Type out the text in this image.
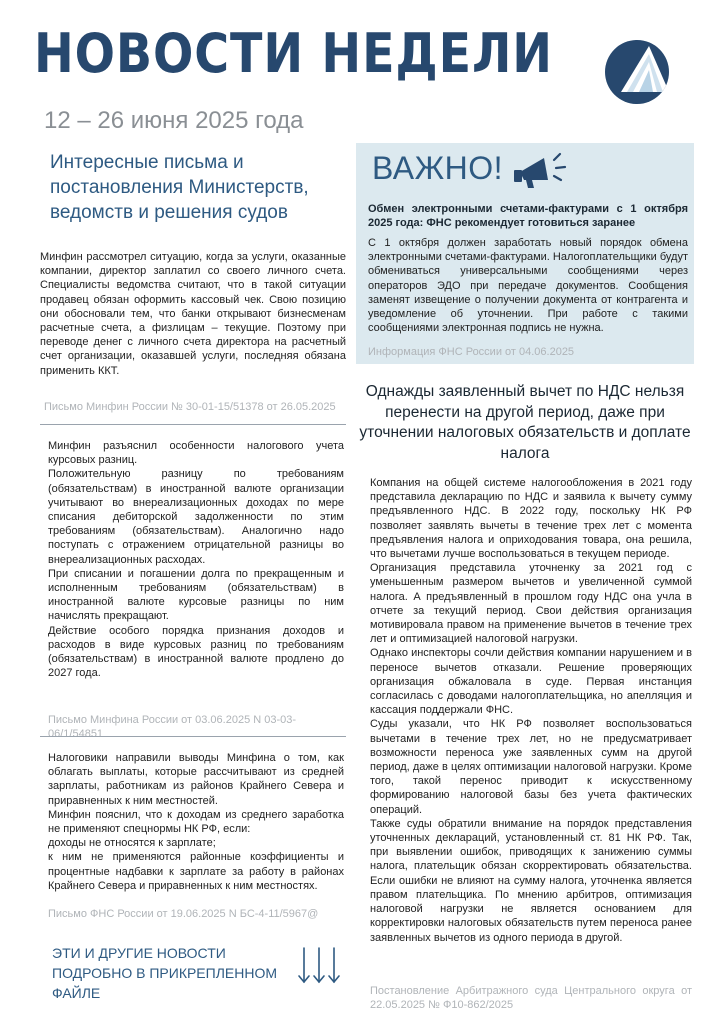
НОВОСТИ НЕДЕЛИ
12 – 26 июня 2025 года
Интересные письма и постановления Министерств, ведомств и решения судов
Минфин рассмотрел ситуацию, когда за услуги, оказанные компании, директор заплатил со своего личного счета. Специалисты ведомства считают, что в такой ситуации продавец обязан оформить кассовый чек. Свою позицию они обосновали тем, что банки открывают бизнесменам расчетные счета, а физлицам – текущие. Поэтому при переводе денег с личного счета директора на расчетный счет организации, оказавшей услуги, последняя обязана применить ККТ.
Письмо Минфин России № 30-01-15/51378 от 26.05.2025
Минфин разъяснил особенности налогового учета курсовых разниц.
Положительную разницу по требованиям (обязательствам) в иностранной валюте организации учитывают во внереализационных доходах по мере списания дебиторской задолженности по этим требованиям (обязательствам). Аналогично надо поступать с отражением отрицательной разницы во внереализационных расходах.
При списании и погашении долга по прекращенным и исполненным требованиям (обязательствам) в иностранной валюте курсовые разницы по ним начислять прекращают.
Действие особого порядка признания доходов и расходов в виде курсовых разниц по требованиям (обязательствам) в иностранной валюте продлено до 2027 года.
Письмо Минфина России от 03.06.2025 N 03-03-06/1/54851
Налоговики направили выводы Минфина о том, как облагать выплаты, которые рассчитывают из средней зарплаты, работникам из районов Крайнего Севера и приравненных к ним местностей.
Минфин пояснил, что к доходам из среднего заработка не применяют спецнормы НК РФ, если:
доходы не относятся к зарплате;
к ним не применяются районные коэффициенты и процентные надбавки к зарплате за работу в районах Крайнего Севера и приравненных к ним местностях.
Письмо ФНС России от 19.06.2025 N БС-4-11/5967@
ЭТИ И ДРУГИЕ НОВОСТИ ПОДРОБНО В ПРИКРЕПЛЕННОМ ФАЙЛЕ
ВАЖНО!
Обмен электронными счетами-фактурами с 1 октября 2025 года: ФНС рекомендует готовиться заранее
С 1 октября должен заработать новый порядок обмена электронными счетами-фактурами. Налогоплательщики будут обмениваться универсальными сообщениями через операторов ЭДО при передаче документов. Сообщения заменят извещение о получении документа от контрагента и уведомление об уточнении. При работе с такими сообщениями электронная подпись не нужна.
Информация ФНС России от 04.06.2025
Однажды заявленный вычет по НДС нельзя перенести на другой период, даже при уточнении налоговых обязательств и доплате налога

Компания на общей системе налогообложения в 2021 году представила декларацию по НДС и заявила к вычету сумму предъявленного НДС. В 2022 году, поскольку НК РФ позволяет заявлять вычеты в течение трех лет с момента предъявления налога и оприходования товара, она решила, что вычетами лучше воспользоваться в текущем периоде.

Организация представила уточненку за 2021 год с уменьшенным размером вычетов и увеличенной суммой налога. А предъявленный в прошлом году НДС она учла в отчете за текущий период. Свои действия организация мотивировала правом на применение вычетов в течение трех лет и оптимизацией налоговой нагрузки.

Однако инспекторы сочли действия компании нарушением и в переносе вычетов отказали. Решение проверяющих организация обжаловала в суде. Первая инстанция согласилась с доводами налогоплательщика, но апелляция и кассация поддержали ФНС.

Суды указали, что НК РФ позволяет воспользоваться вычетами в течение трех лет, но не предусматривает возможности переноса уже заявленных сумм на другой период, даже в целях оптимизации налоговой нагрузки. Кроме того, такой перенос приводит к искусственному формированию налоговой базы без учета фактических операций.

Также суды обратили внимание на порядок представления уточненных деклараций, установленный ст. 81 НК РФ. Так, при выявлении ошибок, приводящих к занижению суммы налога, плательщик обязан скорректировать обязательства. Если ошибки не влияют на сумму налога, уточненка является правом плательщика. По мнению арбитров, оптимизация налоговой нагрузки не является основанием для корректировки налоговых обязательств путем переноса ранее заявленных вычетов из одного периода в другой.

Постановление Арбитражного суда Центрального округа от 22.05.2025 № Ф10-862/2025
